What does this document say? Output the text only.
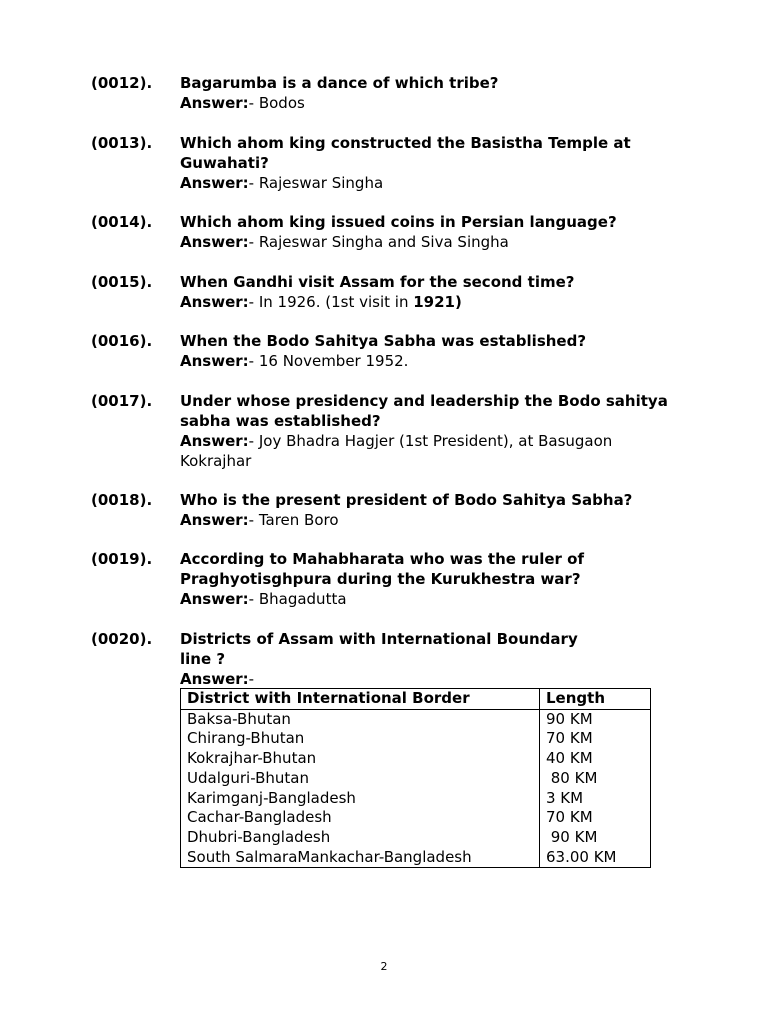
(0012). Bagarumba is a dance of which tribe?
Answer:- Bodos
(0013). Which ahom king constructed the Basistha Temple at Guwahati?
Answer:- Rajeswar Singha
(0014). Which ahom king issued coins in Persian language?
Answer:- Rajeswar Singha and Siva Singha
(0015). When Gandhi visit Assam for the second time?
Answer:- In 1926. (1st visit in 1921)
(0016). When the Bodo Sahitya Sabha was established?
Answer:- 16 November 1952.
(0017). Under whose presidency and leadership the Bodo sahitya sabha was established?
Answer:- Joy Bhadra Hagjer (1st President), at Basugaon Kokrajhar
(0018). Who is the present president of Bodo Sahitya Sabha?
Answer:- Taren Boro
(0019). According to Mahabharata who was the ruler of Praghyotisghpura during the Kurukhestra war?
Answer:- Bhagadutta
(0020). Districts of Assam with International Boundary line ?
Answer:-
District with International Border	Length
Baksa-Bhutan	90 KM
Chirang-Bhutan	70 KM
Kokrajhar-Bhutan	40 KM
Udalguri-Bhutan	80 KM
Karimganj-Bangladesh	3 KM
Cachar-Bangladesh	70 KM
Dhubri-Bangladesh	90 KM
South SalmaraMankachar-Bangladesh	63.00 KM
2
